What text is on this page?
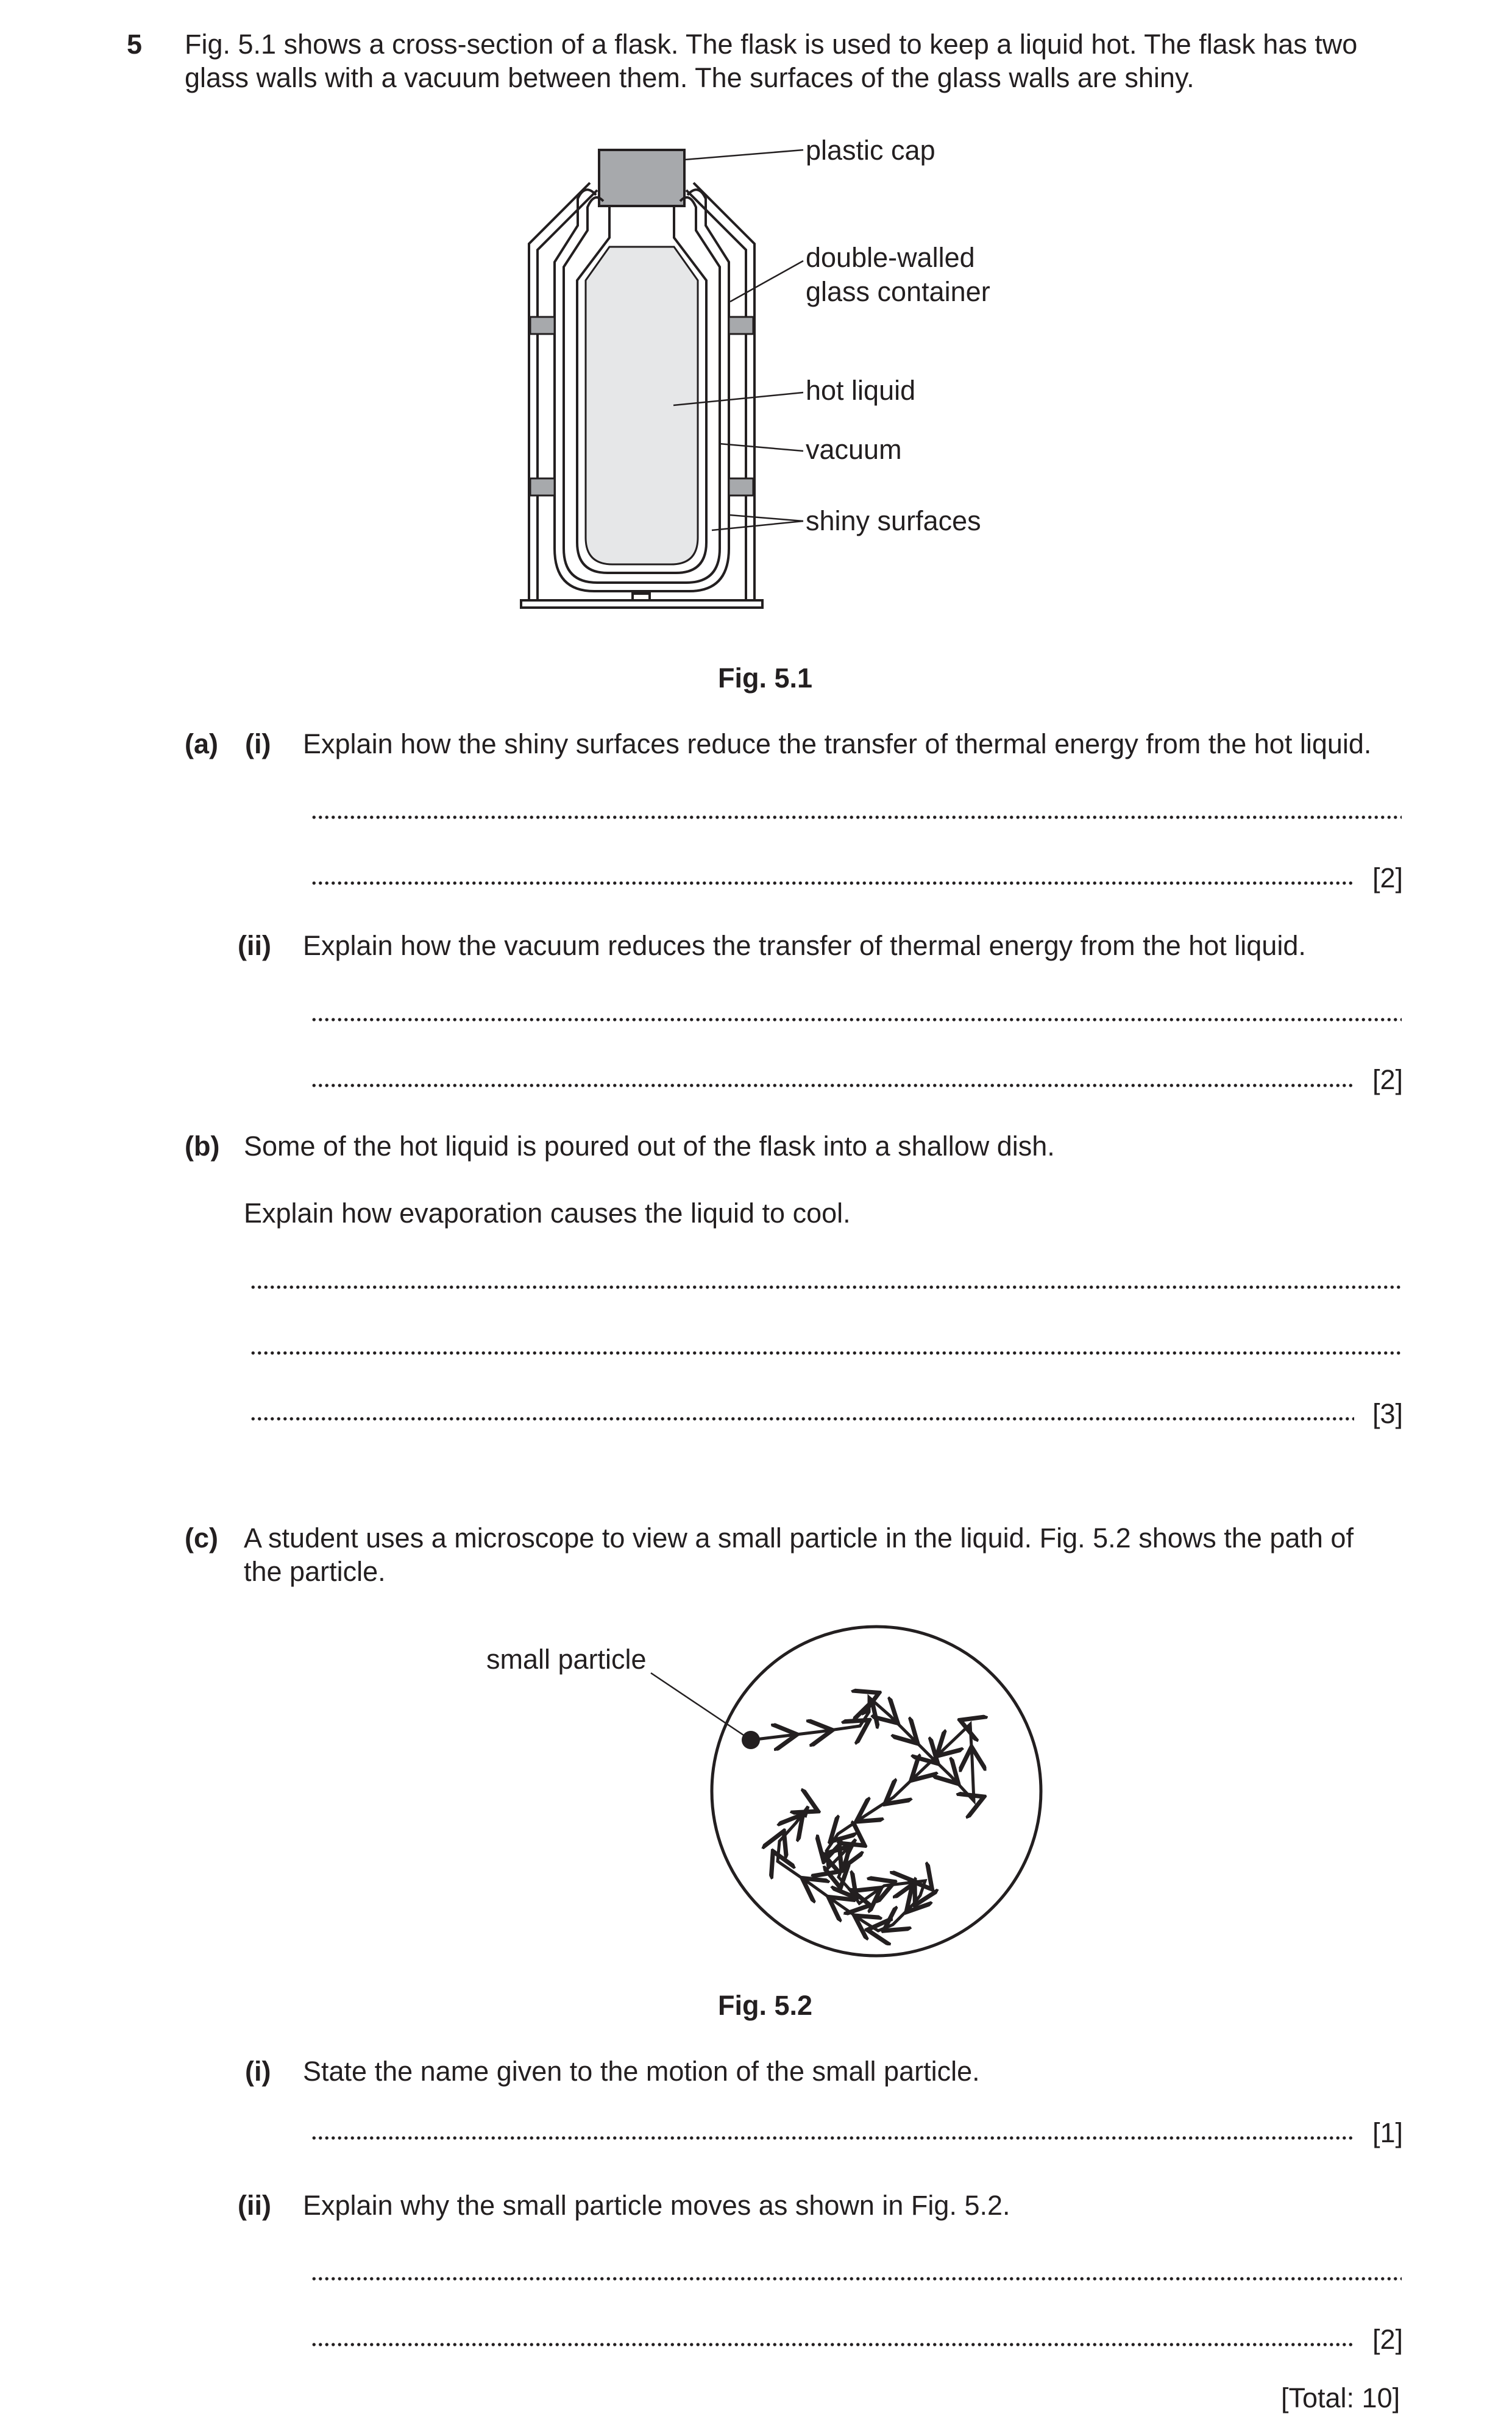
5 Fig. 5.1 shows a cross-section of a flask. The flask is used to keep a liquid hot. The flask has two
glass walls with a vacuum between them. The surfaces of the glass walls are shiny.
plastic cap
double-walled
glass container
hot liquid
vacuum
shiny surfaces
Fig. 5.1
(a) (i) Explain how the shiny surfaces reduce the transfer of thermal energy from the hot liquid.
[2]
(ii) Explain how the vacuum reduces the transfer of thermal energy from the hot liquid.
[2]
(b) Some of the hot liquid is poured out of the flask into a shallow dish.
Explain how evaporation causes the liquid to cool.
[3]
(c) A student uses a microscope to view a small particle in the liquid. Fig. 5.2 shows the path of
the particle.
small particle
Fig. 5.2
(i) State the name given to the motion of the small particle.
[1]
(ii) Explain why the small particle moves as shown in Fig. 5.2.
[2]
[Total: 10]
